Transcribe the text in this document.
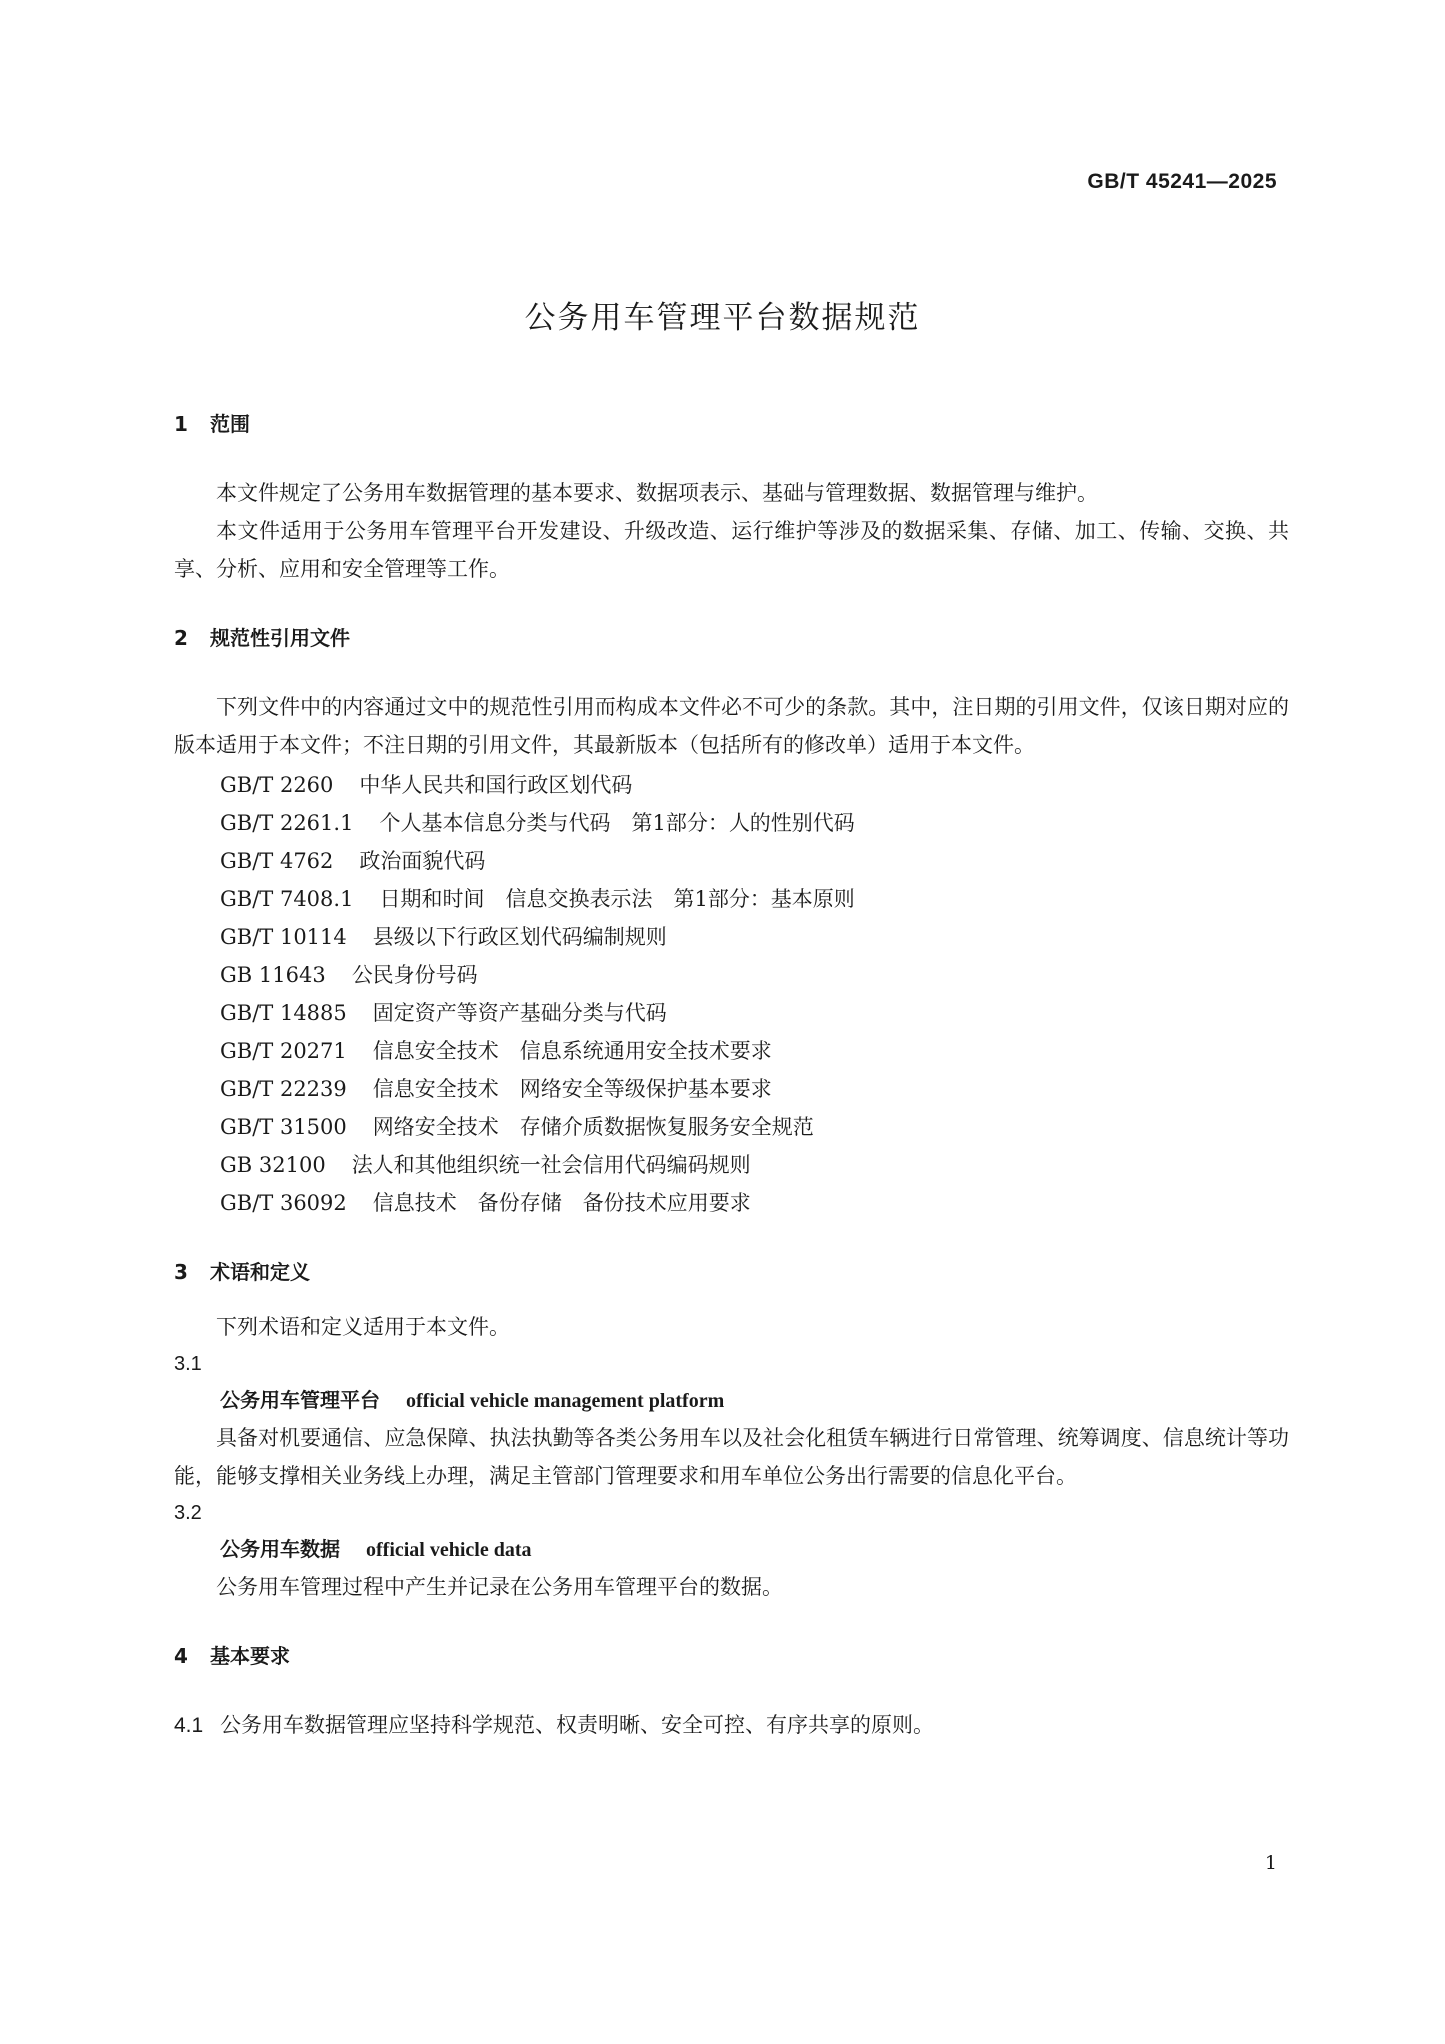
GB/T 45241—2025
公务用车管理平台数据规范
1 范围

本文件规定了公务用车数据管理的基本要求、数据项表示、基础与管理数据、数据管理与维护。

本文件适用于公务用车管理平台开发建设、升级改造、运行维护等涉及的数据采集、存储、加工、传输、交换、共享、分析、应用和安全管理等工作。

2 规范性引用文件

下列文件中的内容通过文中的规范性引用而构成本文件必不可少的条款。其中，注日期的引用文件，仅该日期对应的版本适用于本文件；不注日期的引用文件，其最新版本（包括所有的修改单）适用于本文件。

GB/T 2260 中华人民共和国行政区划代码

GB/T 2261.1 个人基本信息分类与代码　第1部分：人的性别代码

GB/T 4762 政治面貌代码

GB/T 7408.1 日期和时间　信息交换表示法　第1部分：基本原则

GB/T 10114 县级以下行政区划代码编制规则

GB 11643 公民身份号码

GB/T 14885 固定资产等资产基础分类与代码

GB/T 20271 信息安全技术　信息系统通用安全技术要求

GB/T 22239 信息安全技术　网络安全等级保护基本要求

GB/T 31500 网络安全技术　存储介质数据恢复服务安全规范

GB 32100 法人和其他组织统一社会信用代码编码规则

GB/T 36092 信息技术　备份存储　备份技术应用要求

3 术语和定义

下列术语和定义适用于本文件。

3.1

公务用车管理平台 official vehicle management platform

具备对机要通信、应急保障、执法执勤等各类公务用车以及社会化租赁车辆进行日常管理、统筹调度、信息统计等功能，能够支撑相关业务线上办理，满足主管部门管理要求和用车单位公务出行需要的信息化平台。

3.2

公务用车数据 official vehicle data

公务用车管理过程中产生并记录在公务用车管理平台的数据。

4 基本要求

4.1 公务用车数据管理应坚持科学规范、权责明晰、安全可控、有序共享的原则。

1
